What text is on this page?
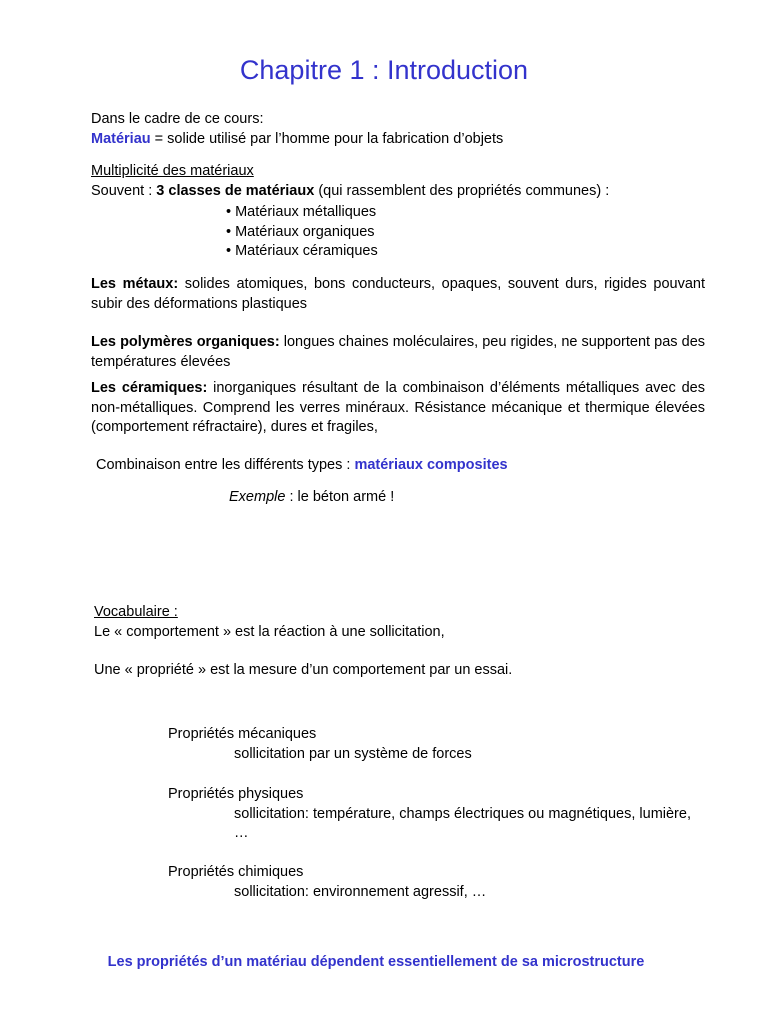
Chapitre 1 : Introduction

Dans le cadre de ce cours:

Matériau = solide utilisé par l’homme pour la fabrication d’objets

Multiplicité des matériaux

Souvent : 3 classes de matériaux (qui rassemblent des propriétés communes) :

• Matériaux métalliques

• Matériaux organiques

• Matériaux céramiques

Les métaux: solides atomiques, bons conducteurs, opaques, souvent durs, rigides pouvant subir des déformations plastiques

Les polymères organiques: longues chaines moléculaires, peu rigides, ne supportent pas des températures élevées

Les céramiques: inorganiques résultant de la combinaison d’éléments métalliques avec des non-métalliques. Comprend les verres minéraux. Résistance mécanique et thermique élevées (comportement réfractaire), dures et fragiles,

Combinaison entre les différents types : matériaux composites

Exemple : le béton armé !

Vocabulaire :

Le « comportement » est la réaction à une sollicitation,

Une « propriété » est la mesure d’un comportement par un essai.

Propriétés mécaniques

sollicitation par un système de forces

Propriétés physiques

sollicitation: température, champs électriques ou magnétiques, lumière, …

Propriétés chimiques

sollicitation: environnement agressif, …

Les propriétés d’un matériau dépendent essentiellement de sa microstructure
